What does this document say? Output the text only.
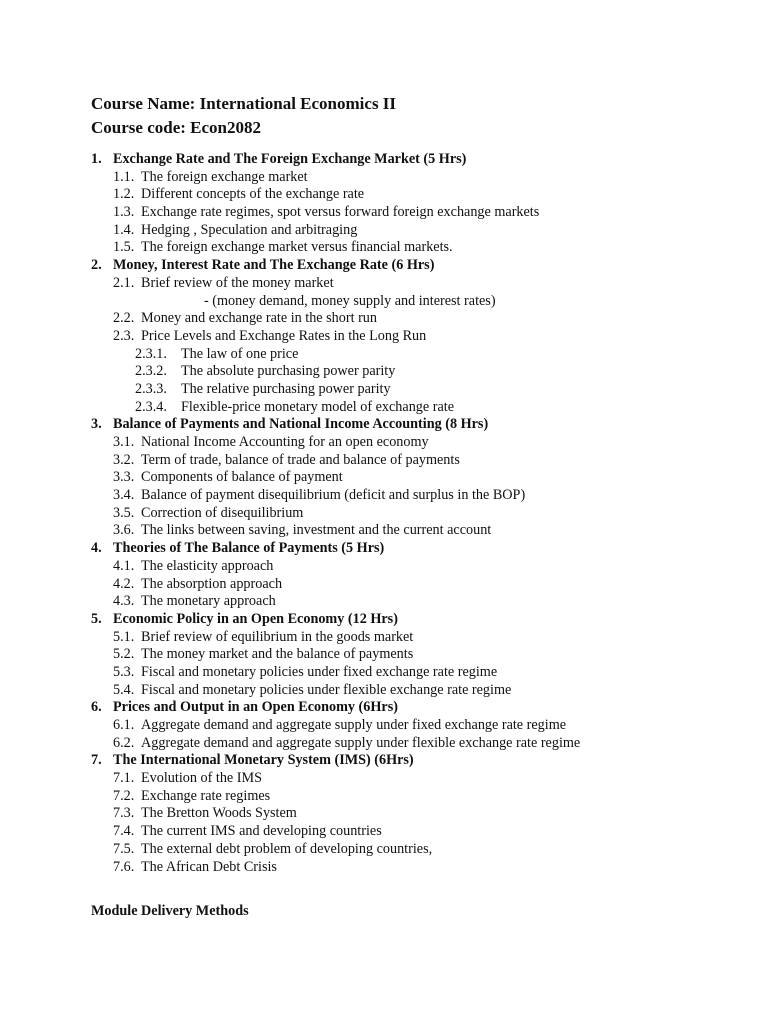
Course Name: International Economics II
Course code: Econ2082
1. Exchange Rate and The Foreign Exchange Market (5 Hrs)
1.1. The foreign exchange market
1.2. Different concepts of the exchange rate
1.3. Exchange rate regimes, spot versus forward foreign exchange markets
1.4. Hedging , Speculation and arbitraging
1.5. The foreign exchange market versus financial markets.
2. Money, Interest Rate and The Exchange Rate (6 Hrs)
2.1. Brief review of the money market
- (money demand, money supply and interest rates)
2.2. Money and exchange rate in the short run
2.3. Price Levels and Exchange Rates in the Long Run
2.3.1. The law of one price
2.3.2. The absolute purchasing power parity
2.3.3. The relative purchasing power parity
2.3.4. Flexible-price monetary model of exchange rate
3. Balance of Payments and National Income Accounting (8 Hrs)
3.1. National Income Accounting for an open economy
3.2. Term of trade, balance of trade and balance of payments
3.3. Components of balance of payment
3.4. Balance of payment disequilibrium (deficit and surplus in the BOP)
3.5. Correction of disequilibrium
3.6. The links between saving, investment and the current account
4. Theories of The Balance of Payments (5 Hrs)
4.1. The elasticity approach
4.2. The absorption approach
4.3. The monetary approach
5. Economic Policy in an Open Economy (12 Hrs)
5.1. Brief review of equilibrium in the goods market
5.2. The money market and the balance of payments
5.3. Fiscal and monetary policies under fixed exchange rate regime
5.4. Fiscal and monetary policies under flexible exchange rate regime
6. Prices and Output in an Open Economy (6Hrs)
6.1. Aggregate demand and aggregate supply under fixed exchange rate regime
6.2. Aggregate demand and aggregate supply under flexible exchange rate regime
7. The International Monetary System (IMS) (6Hrs)
7.1. Evolution of the IMS
7.2. Exchange rate regimes
7.3. The Bretton Woods System
7.4. The current IMS and developing countries
7.5. The external debt problem of developing countries,
7.6. The African Debt Crisis
Module Delivery Methods
